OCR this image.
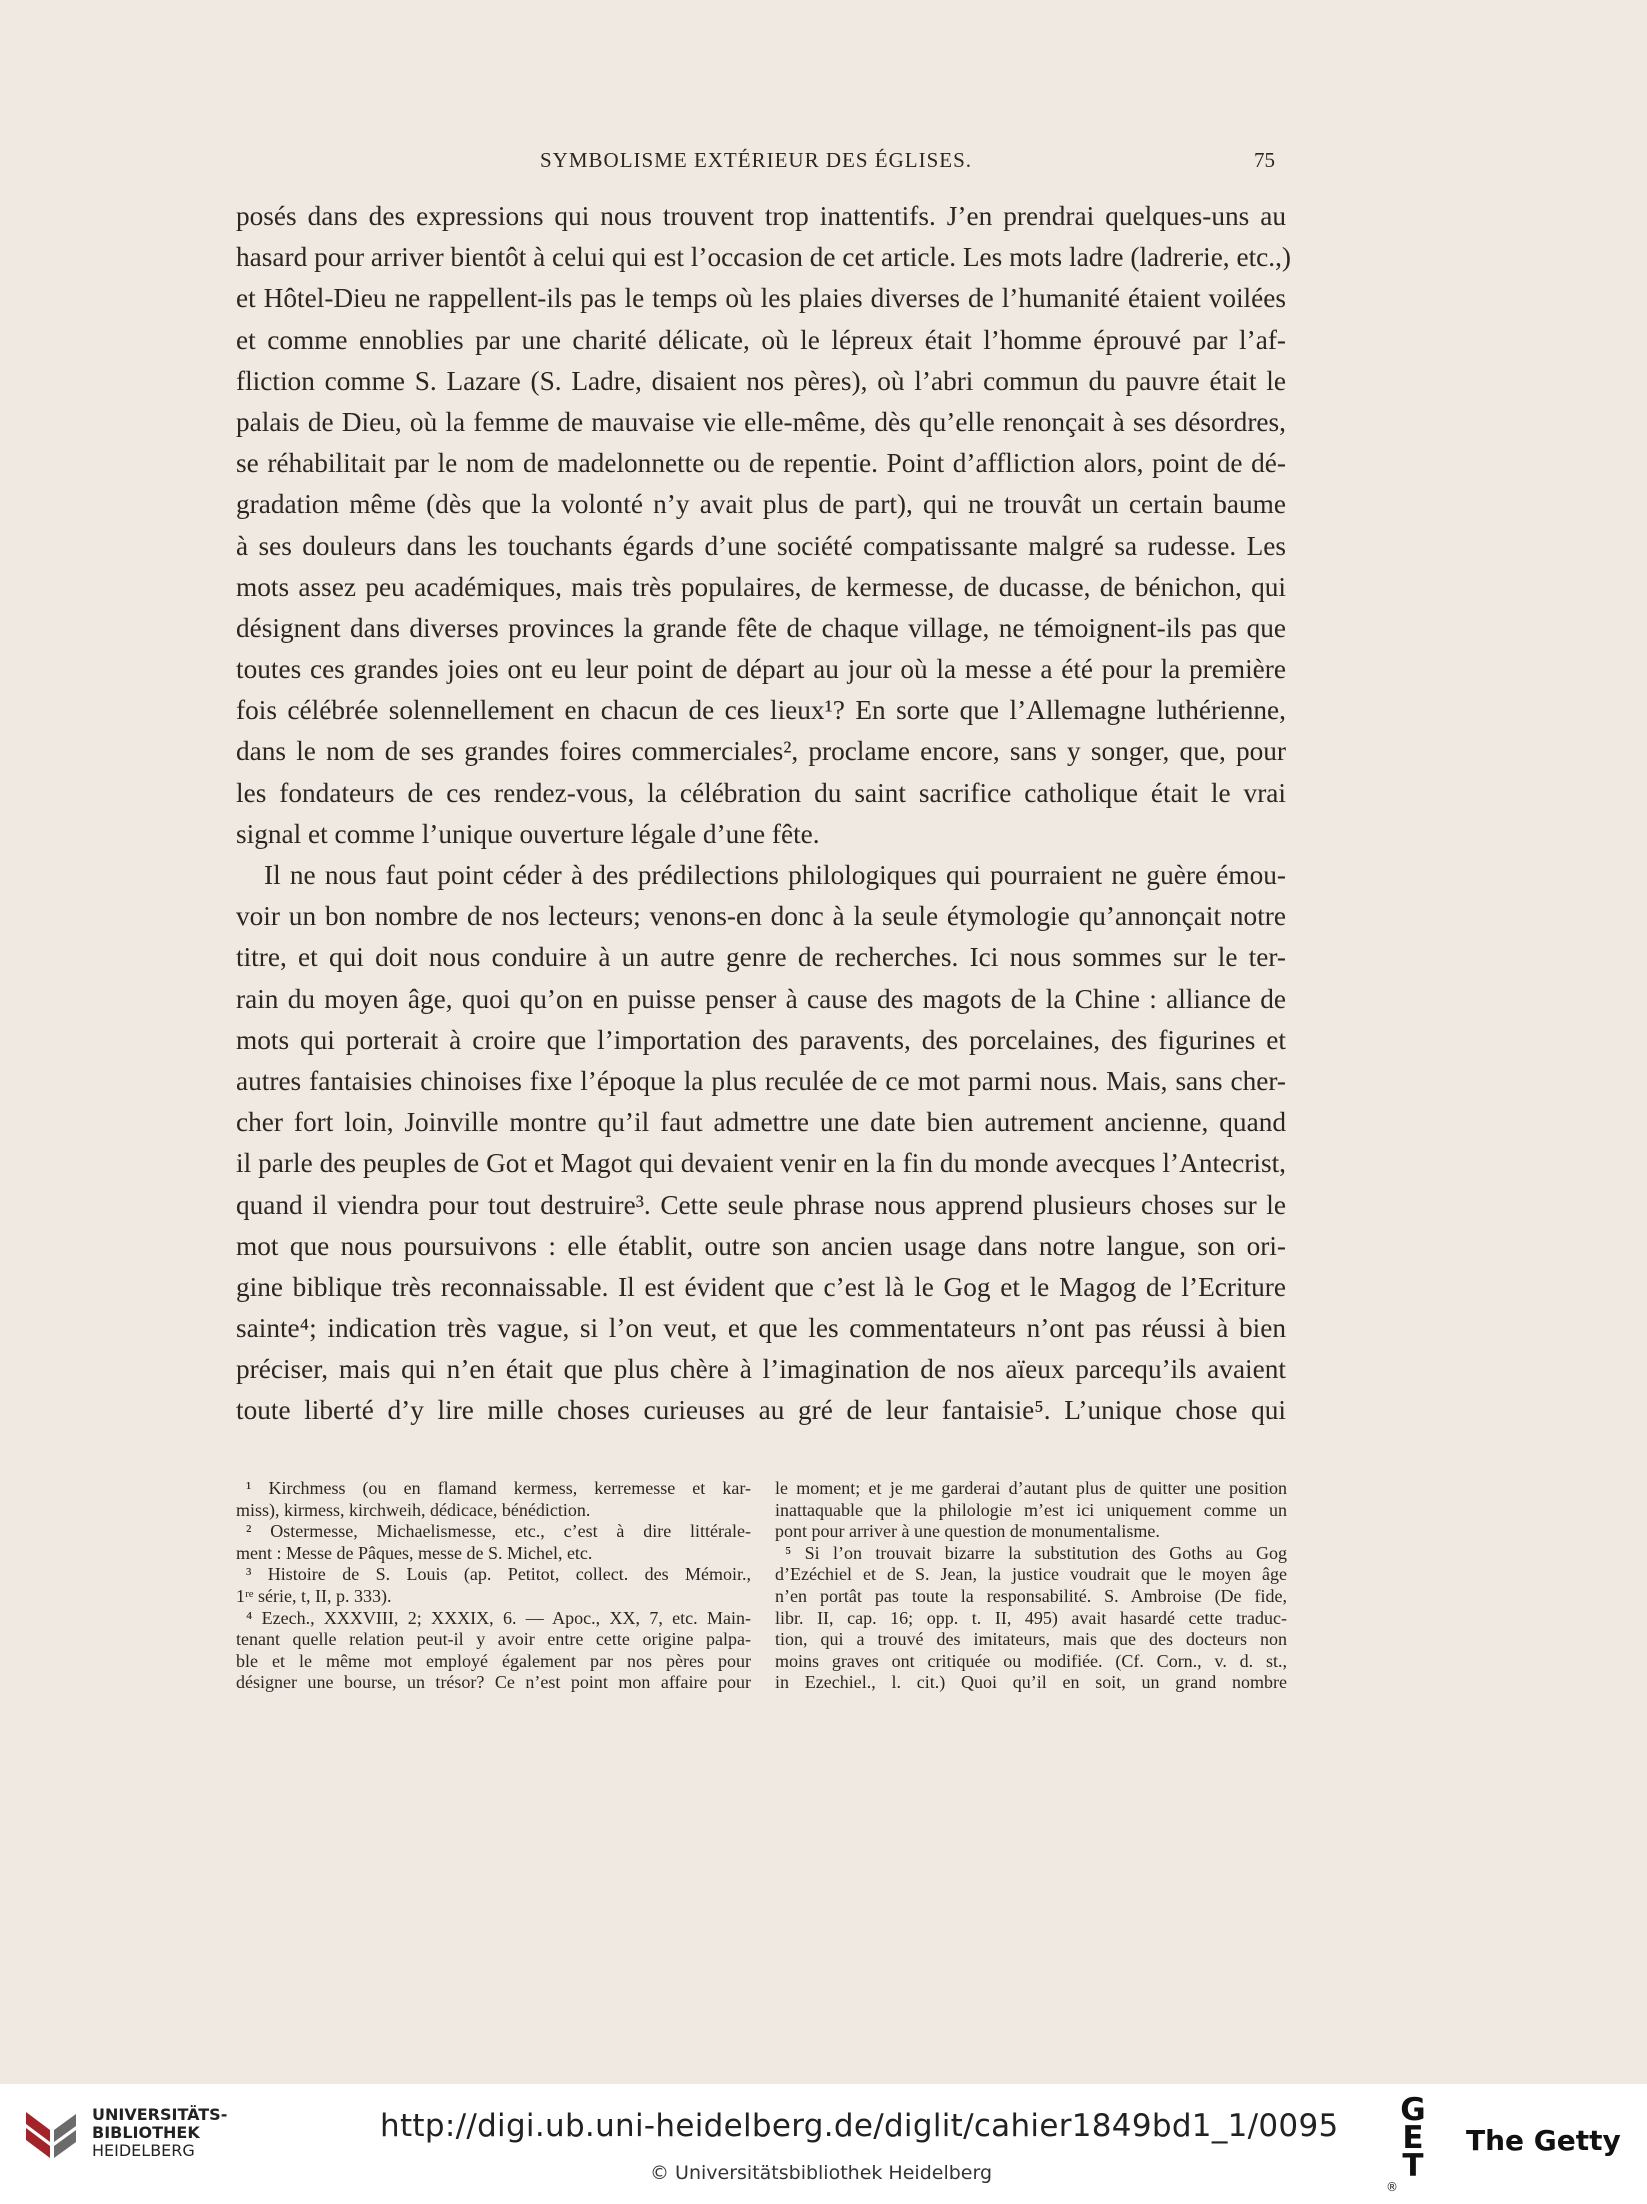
SYMBOLISME EXTÉRIEUR DES ÉGLISES.	75
posés dans des expressions qui nous trouvent trop inattentifs. J’en prendrai quelques-uns au
hasard pour arriver bientôt à celui qui est l’occasion de cet article. Les mots ladre (ladrerie, etc.,)
et Hôtel-Dieu ne rappellent-ils pas le temps où les plaies diverses de l’humanité étaient voilées
et comme ennoblies par une charité délicate, où le lépreux était l’homme éprouvé par l’af-
fliction comme S. Lazare (S. Ladre, disaient nos pères), où l’abri commun du pauvre était le
palais de Dieu, où la femme de mauvaise vie elle-même, dès qu’elle renonçait à ses désordres,
se réhabilitait par le nom de madelonnette ou de repentie. Point d’affliction alors, point de dé-
gradation même (dès que la volonté n’y avait plus de part), qui ne trouvât un certain baume
à ses douleurs dans les touchants égards d’une société compatissante malgré sa rudesse. Les
mots assez peu académiques, mais très populaires, de kermesse, de ducasse, de bénichon, qui
désignent dans diverses provinces la grande fête de chaque village, ne témoignent-ils pas que
toutes ces grandes joies ont eu leur point de départ au jour où la messe a été pour la première
fois célébrée solennellement en chacun de ces lieux¹? En sorte que l’Allemagne luthérienne,
dans le nom de ses grandes foires commerciales², proclame encore, sans y songer, que, pour
les fondateurs de ces rendez-vous, la célébration du saint sacrifice catholique était le vrai
signal et comme l’unique ouverture légale d’une fête.
Il ne nous faut point céder à des prédilections philologiques qui pourraient ne guère émou-
voir un bon nombre de nos lecteurs; venons-en donc à la seule étymologie qu’annonçait notre
titre, et qui doit nous conduire à un autre genre de recherches. Ici nous sommes sur le ter-
rain du moyen âge, quoi qu’on en puisse penser à cause des magots de la Chine : alliance de
mots qui porterait à croire que l’importation des paravents, des porcelaines, des figurines et
autres fantaisies chinoises fixe l’époque la plus reculée de ce mot parmi nous. Mais, sans cher-
cher fort loin, Joinville montre qu’il faut admettre une date bien autrement ancienne, quand
il parle des peuples de Got et Magot qui devaient venir en la fin du monde avecques l’Antecrist,
quand il viendra pour tout destruire³. Cette seule phrase nous apprend plusieurs choses sur le
mot que nous poursuivons : elle établit, outre son ancien usage dans notre langue, son ori-
gine biblique très reconnaissable. Il est évident que c’est là le Gog et le Magog de l’Ecriture
sainte⁴; indication très vague, si l’on veut, et que les commentateurs n’ont pas réussi à bien
préciser, mais qui n’en était que plus chère à l’imagination de nos aïeux parcequ’ils avaient
toute liberté d’y lire mille choses curieuses au gré de leur fantaisie⁵. L’unique chose qui
¹ Kirchmess (ou en flamand kermess, kerremesse et kar-
miss), kirmess, kirchweih, dédicace, bénédiction.
² Ostermesse, Michaelismesse, etc., c’est à dire littérale-
ment : Messe de Pâques, messe de S. Michel, etc.
³ Histoire de S. Louis (ap. Petitot, collect. des Mémoir.,
1ʳᵉ série, t, II, p. 333).
⁴ Ezech., XXXVIII, 2; XXXIX, 6. — Apoc., XX, 7, etc. Main-
tenant quelle relation peut-il y avoir entre cette origine palpa-
ble et le même mot employé également par nos pères pour
désigner une bourse, un trésor? Ce n’est point mon affaire pour
le moment; et je me garderai d’autant plus de quitter une position
inattaquable que la philologie m’est ici uniquement comme un
pont pour arriver à une question de monumentalisme.
⁵ Si l’on trouvait bizarre la substitution des Goths au Gog
d’Ezéchiel et de S. Jean, la justice voudrait que le moyen âge
n’en portât pas toute la responsabilité. S. Ambroise (De fide,
libr. II, cap. 16; opp. t. II, 495) avait hasardé cette traduc-
tion, qui a trouvé des imitateurs, mais que des docteurs non
moins graves ont critiquée ou modifiée. (Cf. Corn., v. d. st.,
in Ezechiel., l. cit.) Quoi qu’il en soit, un grand nombre
UNIVERSITÄTS-
BIBLIOTHEK
HEIDELBERG
http://digi.ub.uni-heidelberg.de/diglit/cahier1849bd1_1/0095
© Universitätsbibliothek Heidelberg
G
E
T
®
The Getty
